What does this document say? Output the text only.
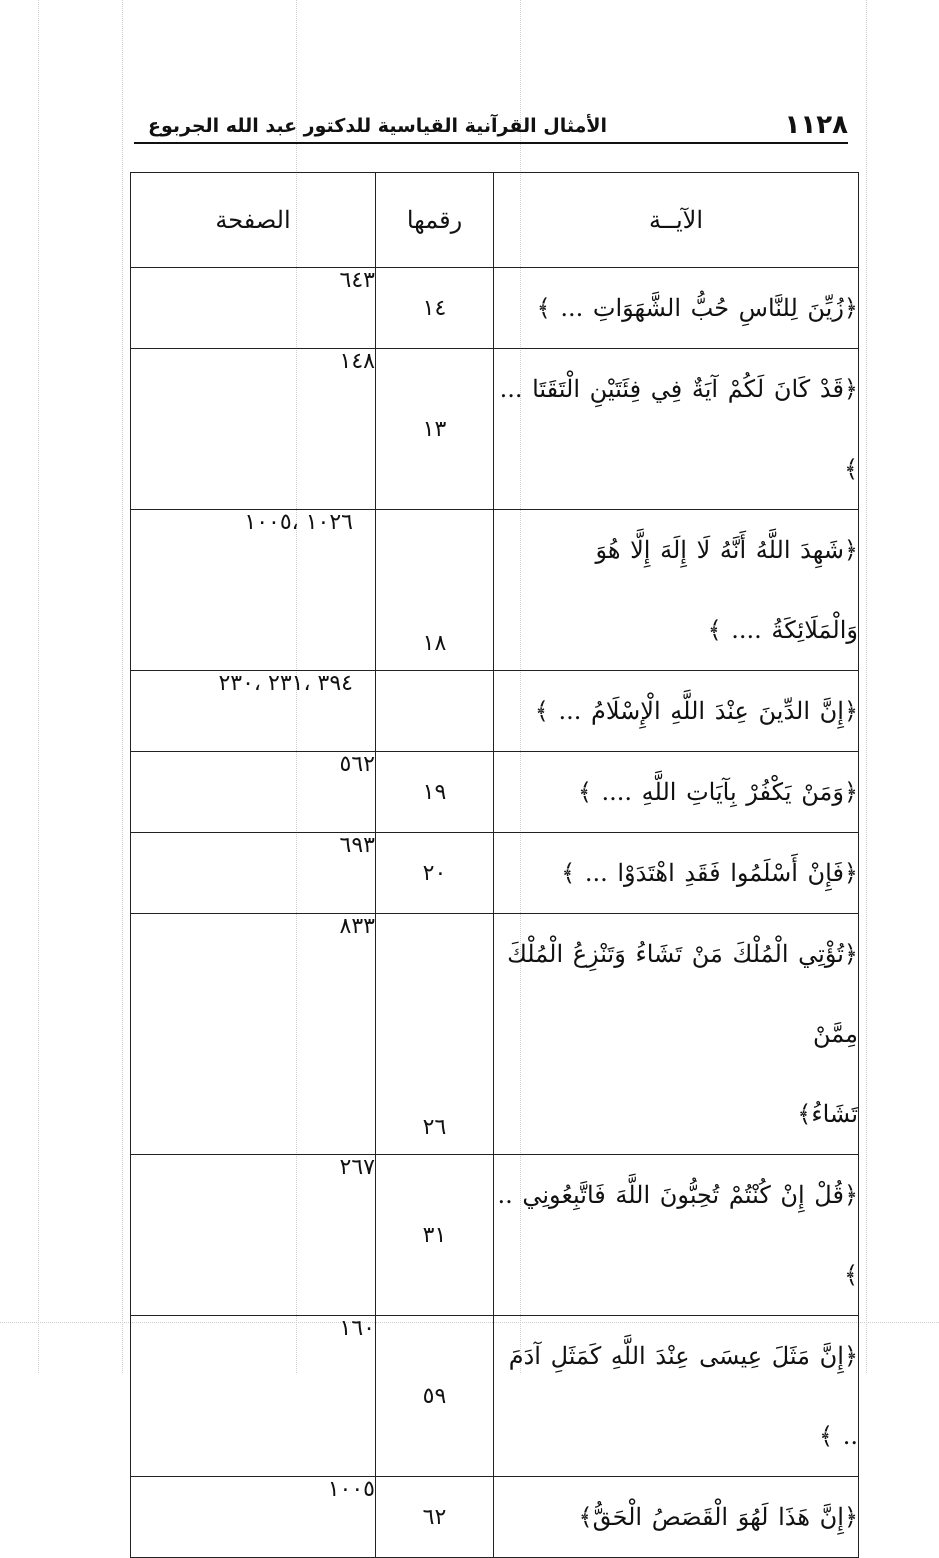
١١٢٨
الأمثال القرآنية القياسية للدكتور عبد الله الجربوع
الآيــة	رقمها	الصفحة

﴿زُيِّنَ لِلنَّاسِ حُبُّ الشَّهَوَاتِ ... ﴾	١٤	٦٤٣

﴿قَدْ كَانَ لَكُمْ آيَةٌ فِي فِئَتَيْنِ الْتَقَتَا ... ﴾	١٣	١٤٨

﴿شَهِدَ اللَّهُ أَنَّهُ لَا إِلَهَ إِلَّا هُوَ
وَالْمَلَائِكَةُ .... ﴾	١٨	١٠٢٦ ،١٠٠٥

﴿إِنَّ الدِّينَ عِنْدَ اللَّهِ الْإِسْلَامُ ... ﴾		٣٩٤ ،٢٣١ ،٢٣٠

﴿وَمَنْ يَكْفُرْ بِآيَاتِ اللَّهِ .... ﴾	١٩	٥٦٢

﴿فَإِنْ أَسْلَمُوا فَقَدِ اهْتَدَوْا ... ﴾	٢٠	٦٩٣

﴿تُؤْتِي الْمُلْكَ مَنْ تَشَاءُ وَتَنْزِعُ الْمُلْكَ مِمَّنْ
تَشَاءُ﴾	٢٦	٨٣٣

﴿قُلْ إِنْ كُنْتُمْ تُحِبُّونَ اللَّهَ فَاتَّبِعُونِي .. ﴾	٣١	٢٦٧

﴿إِنَّ مَثَلَ عِيسَى عِنْدَ اللَّهِ كَمَثَلِ آدَمَ .. ﴾	٥٩	١٦٠

﴿إِنَّ هَذَا لَهُوَ الْقَصَصُ الْحَقُّ﴾	٦٢	١٠٠٥
